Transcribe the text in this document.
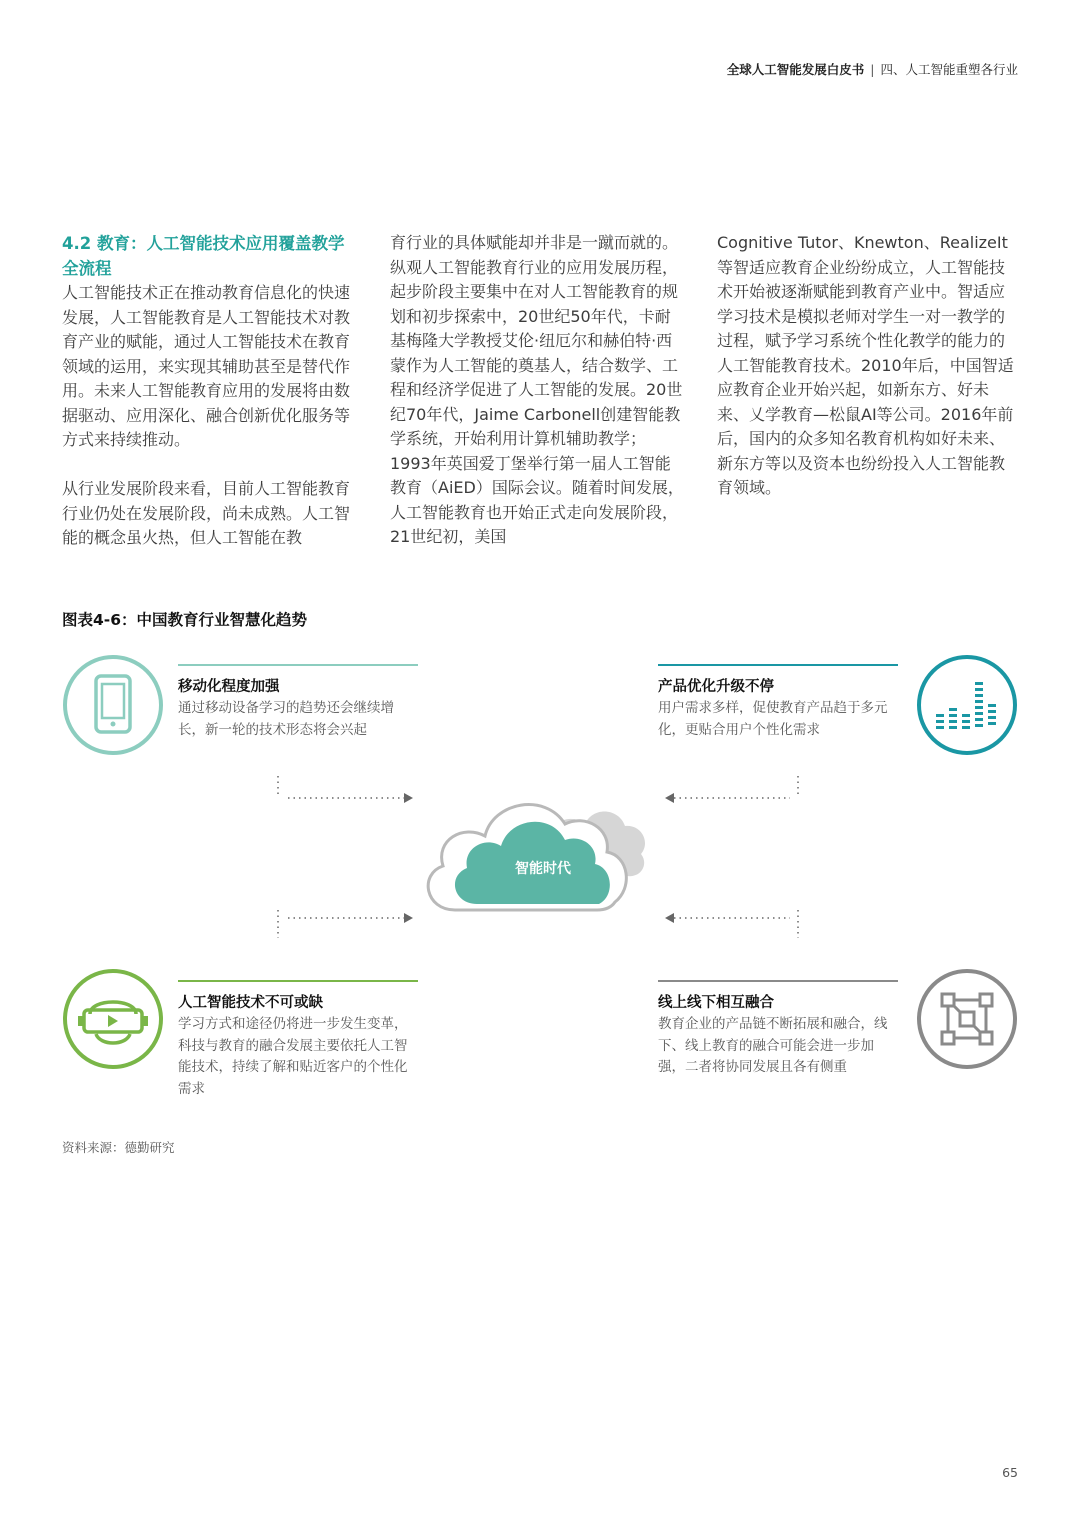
全球人工智能发展白皮书 | 四、人工智能重塑各行业
4.2 教育：人工智能技术应用覆盖教学全流程

人工智能技术正在推动教育信息化的快速发展，人工智能教育是人工智能技术对教育产业的赋能，通过人工智能技术在教育领域的运用，来实现其辅助甚至是替代作用。未来人工智能教育应用的发展将由数据驱动、应用深化、融合创新优化服务等方式来持续推动。

从行业发展阶段来看，目前人工智能教育行业仍处在发展阶段，尚未成熟。人工智能的概念虽火热，但人工智能在教

育行业的具体赋能却并非是一蹴而就的。纵观人工智能教育行业的应用发展历程，起步阶段主要集中在对人工智能教育的规划和初步探索中，20世纪50年代，卡耐基梅隆大学教授艾伦·纽厄尔和赫伯特·西蒙作为人工智能的奠基人，结合数学、工程和经济学促进了人工智能的发展。20世纪70年代，Jaime Carbonell创建智能教学系统，开始利用计算机辅助教学；1993年英国爱丁堡举行第一届人工智能教育（AiED）国际会议。随着时间发展，人工智能教育也开始正式走向发展阶段，21世纪初，美国

Cognitive Tutor、Knewton、RealizeIt等智适应教育企业纷纷成立，人工智能技术开始被逐渐赋能到教育产业中。智适应学习技术是模拟老师对学生一对一教学的过程，赋予学习系统个性化教学的能力的人工智能教育技术。2010年后，中国智适应教育企业开始兴起，如新东方、好未来、乂学教育—松鼠AI等公司。2016年前后，国内的众多知名教育机构如好未来、新东方等以及资本也纷纷投入人工智能教育领域。

图表4-6：中国教育行业智慧化趋势
智能时代
移动化程度加强

通过移动设备学习的趋势还会继续增长，新一轮的技术形态将会兴起

产品优化升级不停

用户需求多样，促使教育产品趋于多元化，更贴合用户个性化需求

人工智能技术不可或缺

学习方式和途径仍将进一步发生变革，科技与教育的融合发展主要依托人工智能技术，持续了解和贴近客户的个性化需求

线上线下相互融合

教育企业的产品链不断拓展和融合，线下、线上教育的融合可能会进一步加强，二者将协同发展且各有侧重

资料来源：德勤研究
65
